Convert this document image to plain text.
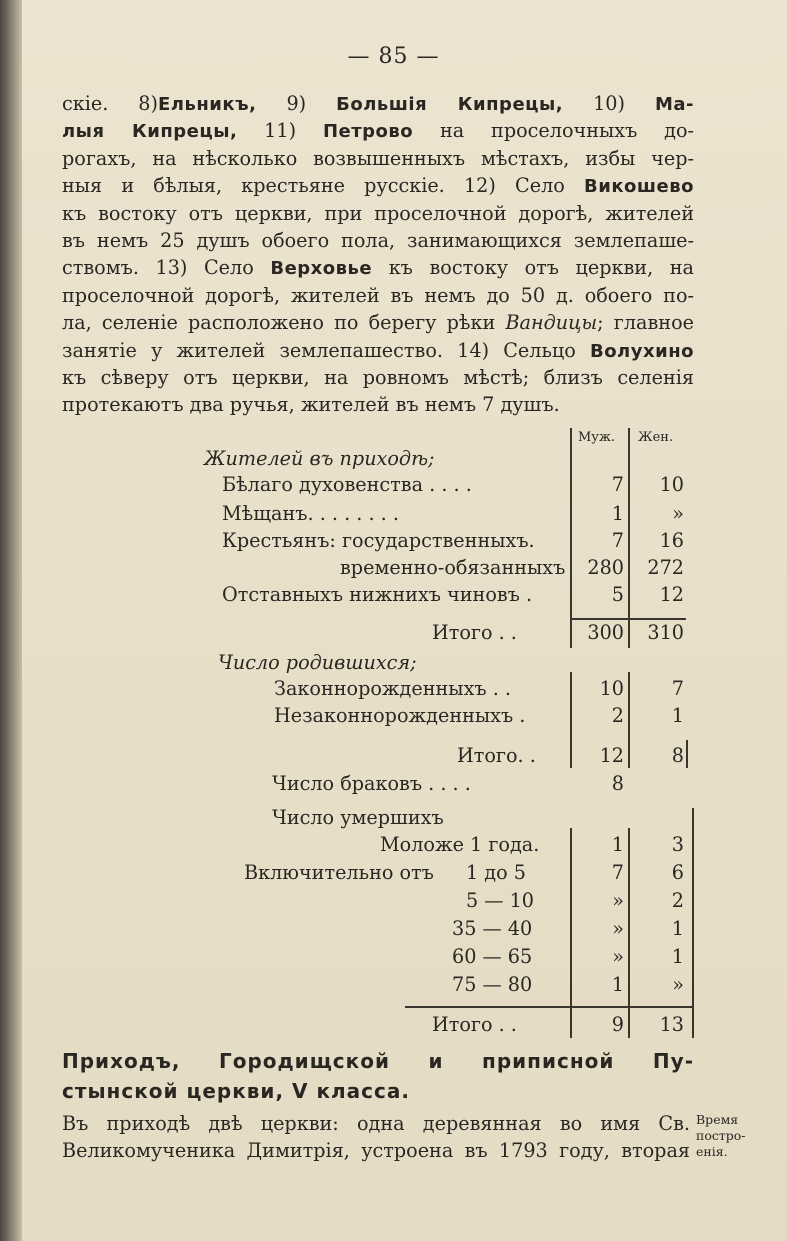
— 85 —
скіе. 8)Ельникъ, 9) Большія Кипрецы, 10) Ма-
лыя Кипрецы, 11) Петрово на проселочныхъ до-
рогахъ, на нѣсколько возвышенныхъ мѣстахъ, избы чер-
ныя и бѣлыя, крестьяне русскіе. 12) Село Викошево
къ востоку отъ церкви, при проселочной дорогѣ, жителей
въ немъ 25 душъ обоего пола, занимающихся землепаше-
ствомъ. 13) Село Верховье къ востоку отъ церкви, на
проселочной дорогѣ, жителей въ немъ до 50 д. обоего по-
ла, селеніе расположено по берегу рѣки Вандицы; главное
занятіе у жителей землепашество. 14) Сельцо Волухино
къ сѣверу отъ церкви, на ровномъ мѣстѣ; близъ селенія
протекаютъ два ручья, жителей въ немъ 7 душъ.
Муж. Жен.
Жителей въ приходѣ;
Бѣлаго духовенства . . . .	7	10
Мѣщанъ. . . . . . . .	1	»
Крестьянъ: государственныхъ.	7	16
временно-обязанныхъ	280	272
Отставныхъ нижнихъ чиновъ .	5	12
Итого . .	300	310
Число родившихся;
Законнорожденныхъ . .	10	7
Незаконнорожденныхъ .	2	1
Итого. .	12	8
Число браковъ . . . .	8
Число умершихъ
Моложе 1 года.	1	3
Включительно отъ 1 до 5	7	6
5 — 10	»	2
35 — 40	»	1
60 — 65	»	1
75 — 80	1	»
Итого . .	9	13
Приходъ, Городищской и приписной Пу-
стынской церкви, V класса.
Въ приходѣ двѣ церкви: одна деревянная во имя Св.
Великомученика Димитрія, устроена въ 1793 году, вторая
Время
постро-
енія.
